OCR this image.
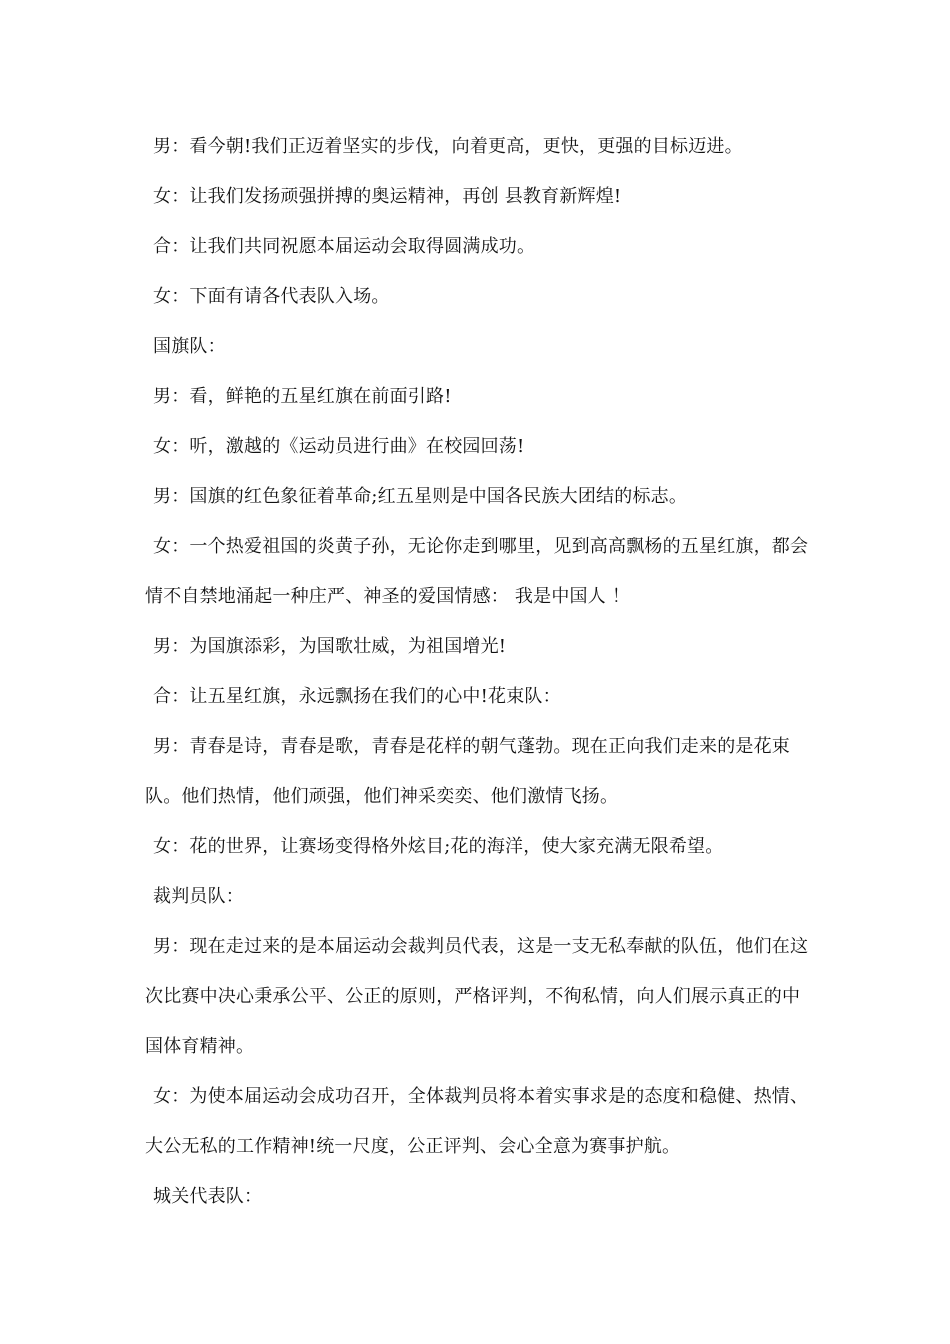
男：看今朝!我们正迈着坚实的步伐，向着更高，更快，更强的目标迈进。

女：让我们发扬顽强拼搏的奥运精神，再创 县教育新辉煌!

合：让我们共同祝愿本届运动会取得圆满成功。

女：下面有请各代表队入场。

国旗队：

男：看，鲜艳的五星红旗在前面引路!

女：听，激越的《运动员进行曲》在校园回荡!

男：国旗的红色象征着革命;红五星则是中国各民族大团结的标志。

女：一个热爱祖国的炎黄子孙，无论你走到哪里，见到高高飘杨的五星红旗，都会情不自禁地涌起一种庄严、神圣的爱国情感： 我是中国人 ！

男：为国旗添彩，为国歌壮威，为祖国增光!

合：让五星红旗，永远飘扬在我们的心中!花束队：

男：青春是诗，青春是歌，青春是花样的朝气蓬勃。现在正向我们走来的是花束队。他们热情，他们顽强，他们神采奕奕、他们激情飞扬。

女：花的世界，让赛场变得格外炫目;花的海洋，使大家充满无限希望。

裁判员队：

男：现在走过来的是本届运动会裁判员代表，这是一支无私奉献的队伍，他们在这次比赛中决心秉承公平、公正的原则，严格评判，不徇私情，向人们展示真正的中国体育精神。

女：为使本届运动会成功召开，全体裁判员将本着实事求是的态度和稳健、热情、大公无私的工作精神!统一尺度，公正评判、会心全意为赛事护航。

城关代表队：
